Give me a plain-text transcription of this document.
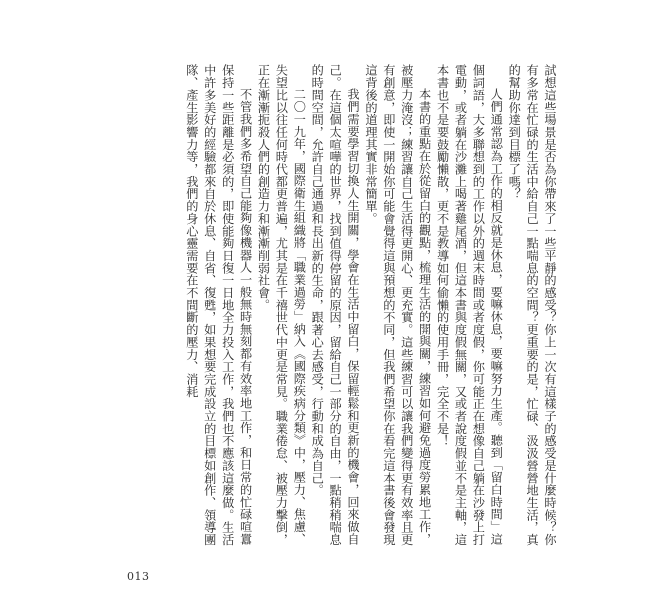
試想這些場景是否為你帶來了一些平靜的感受？你上一次有這樣子的感受是什麼時候？你有多常在忙碌的生活中給自己一點喘息的空間？更重要的是，忙碌、汲汲營營地生活，真的幫助你達到目標了嗎？

人們通常認為工作的相反就是休息，要嘛休息，要嘛努力生產。聽到「留白時間」這個詞語，大多聯想到的工作以外的週末時間或者度假，你可能正在想像自己躺在沙發上打電動，或者躺在沙灘上喝著雞尾酒，但這本書與度假無關，又或者說度假並不是主軸，這本書也不是要鼓勵懶散，更不是教導如何偷懶的使用手冊，完全不是！

本書的重點在於從留白的觀點，梳理生活的開與關，練習如何避免過度勞累地工作，被壓力淹沒；練習讓自己生活得更開心、更充實。這些練習可以讓我們變得更有效率且更有創意，即使一開始你可能會覺得這與預想的不同，但我們希望你在看完這本書後會發現這背後的道理其實非常簡單。

我們需要學習切換人生開關，學會在生活中留白，保留輕鬆和更新的機會，回來做自己。在這個太喧嘩的世界，找到值得停留的原因，留給自己一部分的自由，一點稍稍喘息的時間空間，允許自己通過和長出新的生命，跟著心去感受，行動和成為自己。

二〇一九年，國際衛生組織將「職業過勞」納入《國際疾病分類》中，壓力、焦慮、失望比以往任何時代都更普遍，尤其是在千禧世代中更是常見。職業倦怠、被壓力擊倒，正在漸漸扼殺人們的創造力和漸漸削弱社會。

不管我們多希望自己能夠像機器人一般無時無刻都有效率地工作，和日常的忙碌喧囂保持一些距離是必須的，即使能夠日復一日地全力投入工作，我們也不應該這麼做。生活中許多美好的經驗都來自於休息、自省、復甦，如果想要完成設立的目標如創作、領導團隊、產生影響力等，我們的身心靈需要在不間斷的壓力、消耗

013
